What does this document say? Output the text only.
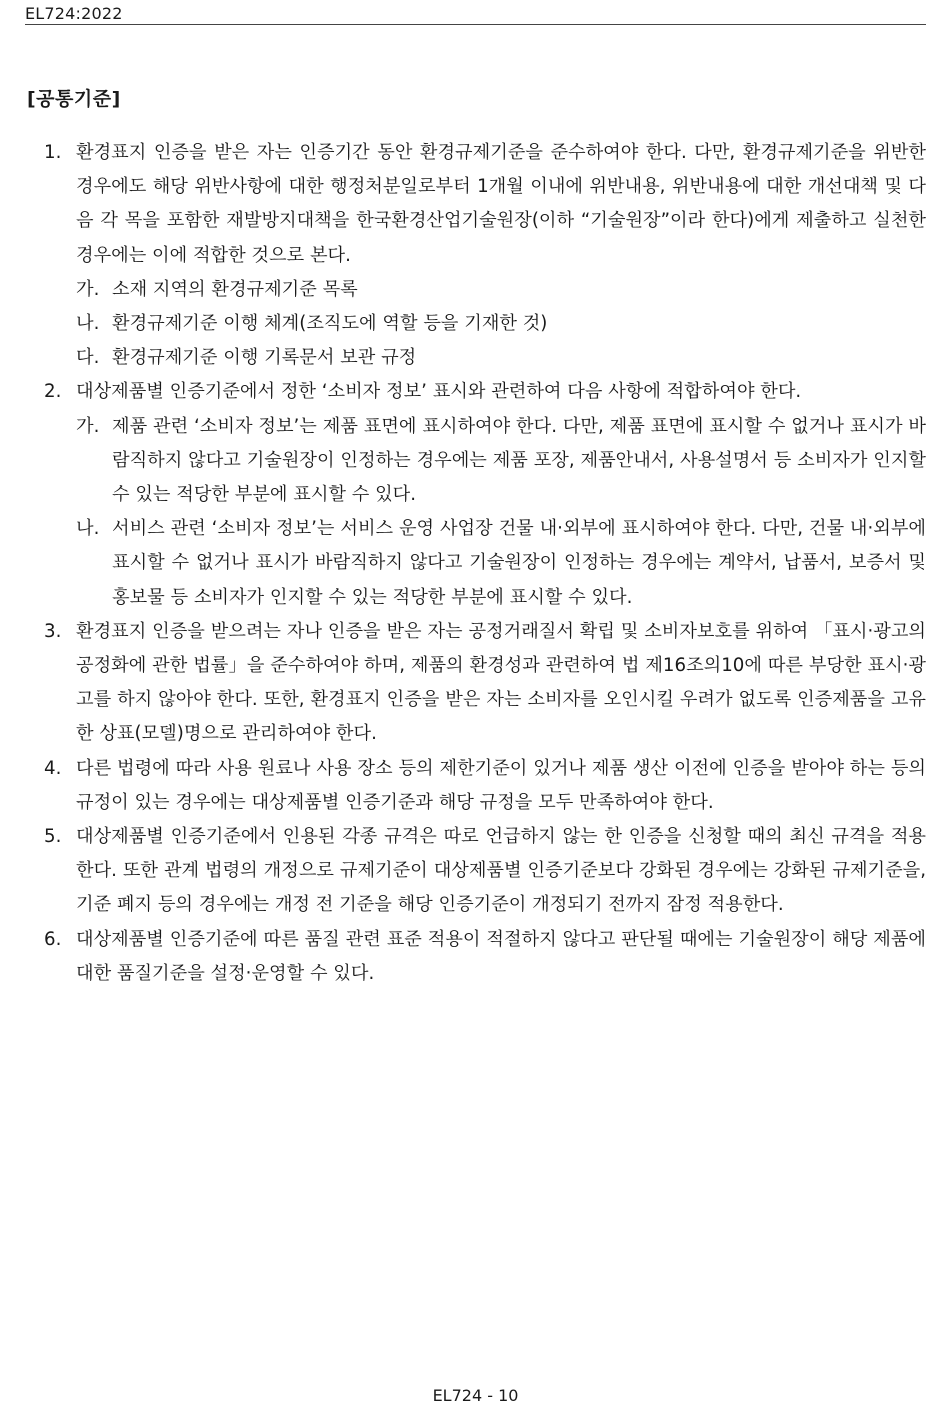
EL724:2022
[공통기준]

1. 환경표지 인증을 받은 자는 인증기간 동안 환경규제기준을 준수하여야 한다. 다만, 환경규제기준을 위반한 경우에도 해당 위반사항에 대한 행정처분일로부터 1개월 이내에 위반내용, 위반내용에 대한 개선대책 및 다음 각 목을 포함한 재발방지대책을 한국환경산업기술원장(이하 “기술원장”이라 한다)에게 제출하고 실천한 경우에는 이에 적합한 것으로 본다.

가. 소재 지역의 환경규제기준 목록

나. 환경규제기준 이행 체계(조직도에 역할 등을 기재한 것)

다. 환경규제기준 이행 기록문서 보관 규정

2. 대상제품별 인증기준에서 정한 ‘소비자 정보’ 표시와 관련하여 다음 사항에 적합하여야 한다.

가. 제품 관련 ‘소비자 정보’는 제품 표면에 표시하여야 한다. 다만, 제품 표면에 표시할 수 없거나 표시가 바람직하지 않다고 기술원장이 인정하는 경우에는 제품 포장, 제품안내서, 사용설명서 등 소비자가 인지할 수 있는 적당한 부분에 표시할 수 있다.

나. 서비스 관련 ‘소비자 정보’는 서비스 운영 사업장 건물 내·외부에 표시하여야 한다. 다만, 건물 내·외부에 표시할 수 없거나 표시가 바람직하지 않다고 기술원장이 인정하는 경우에는 계약서, 납품서, 보증서 및 홍보물 등 소비자가 인지할 수 있는 적당한 부분에 표시할 수 있다.

3. 환경표지 인증을 받으려는 자나 인증을 받은 자는 공정거래질서 확립 및 소비자보호를 위하여 「표시·광고의 공정화에 관한 법률」을 준수하여야 하며, 제품의 환경성과 관련하여 법 제16조의10에 따른 부당한 표시·광고를 하지 않아야 한다. 또한, 환경표지 인증을 받은 자는 소비자를 오인시킬 우려가 없도록 인증제품을 고유한 상표(모델)명으로 관리하여야 한다.

4. 다른 법령에 따라 사용 원료나 사용 장소 등의 제한기준이 있거나 제품 생산 이전에 인증을 받아야 하는 등의 규정이 있는 경우에는 대상제품별 인증기준과 해당 규정을 모두 만족하여야 한다.

5. 대상제품별 인증기준에서 인용된 각종 규격은 따로 언급하지 않는 한 인증을 신청할 때의 최신 규격을 적용한다. 또한 관계 법령의 개정으로 규제기준이 대상제품별 인증기준보다 강화된 경우에는 강화된 규제기준을, 기준 폐지 등의 경우에는 개정 전 기준을 해당 인증기준이 개정되기 전까지 잠정 적용한다.

6. 대상제품별 인증기준에 따른 품질 관련 표준 적용이 적절하지 않다고 판단될 때에는 기술원장이 해당 제품에 대한 품질기준을 설정·운영할 수 있다.

EL724 - 10
